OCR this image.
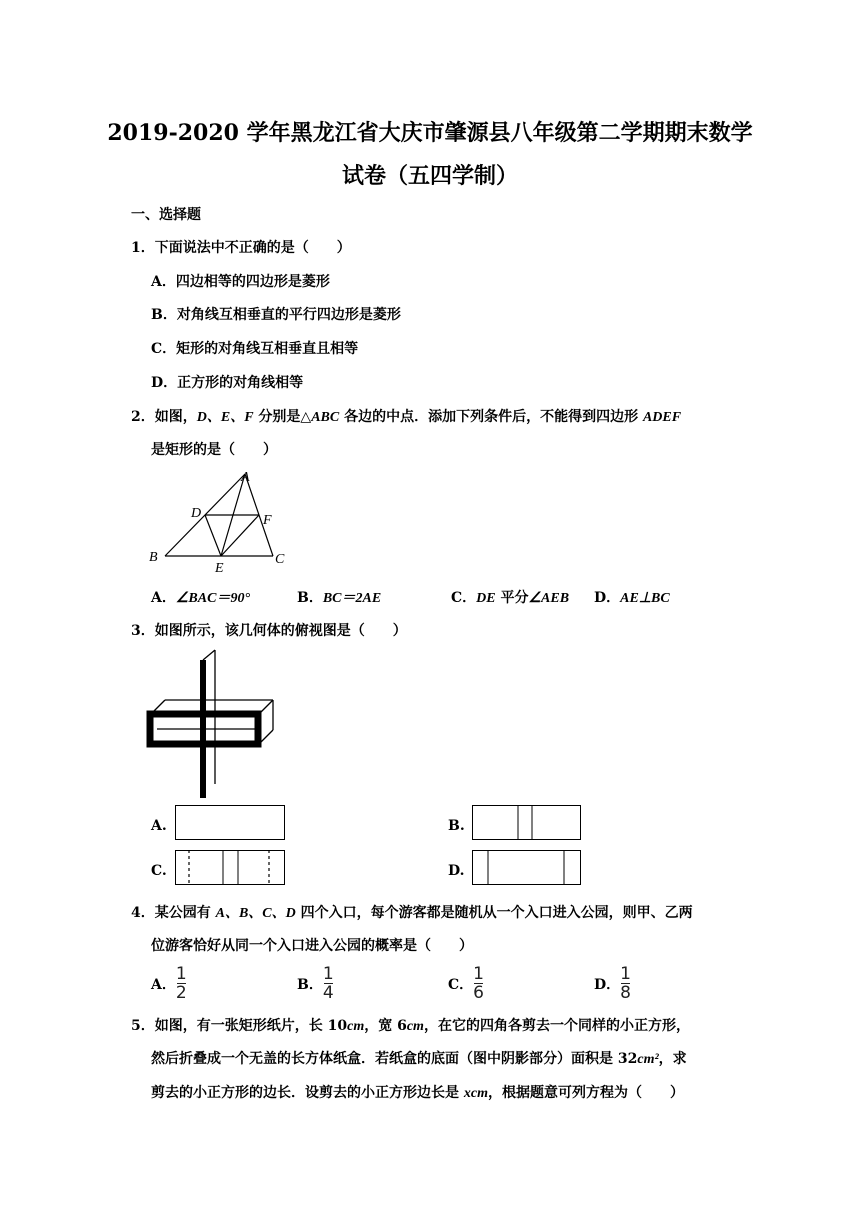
2019-2020 学年黑龙江省大庆市肇源县八年级第二学期期末数学
试卷（五四学制）
一、选择题
1．下面说法中不正确的是（　　）
A．四边相等的四边形是菱形
B．对角线互相垂直的平行四边形是菱形
C．矩形的对角线互相垂直且相等
D．正方形的对角线相等
2．如图，D、E、F 分别是△ABC 各边的中点．添加下列条件后，不能得到四边形 ADEF
是矩形的是（　　）
A
B	C
D
E
F
A．∠BAC＝90°	B．BC＝2AE	C．DE 平分∠AEB D．AE⊥BC
3．如图所示，该几何体的俯视图是（　　）
A.	B.
C.	D.
4．某公园有 A、B、C、D 四个入口，每个游客都是随机从一个入口进入公园，则甲、乙两
位游客恰好从同一个入口进入公园的概率是（　　）
A． $\frac{1}{2}$	B． $\frac{1}{4}$	C． $\frac{1}{6}$	D． $\frac{1}{8}$
5．如图，有一张矩形纸片，长 10cm，宽 6cm，在它的四角各剪去一个同样的小正方形，
然后折叠成一个无盖的长方体纸盒．若纸盒的底面（图中阴影部分）面积是 32cm²，求
剪去的小正方形的边长．设剪去的小正方形边长是 xcm，根据题意可列方程为（　　）
